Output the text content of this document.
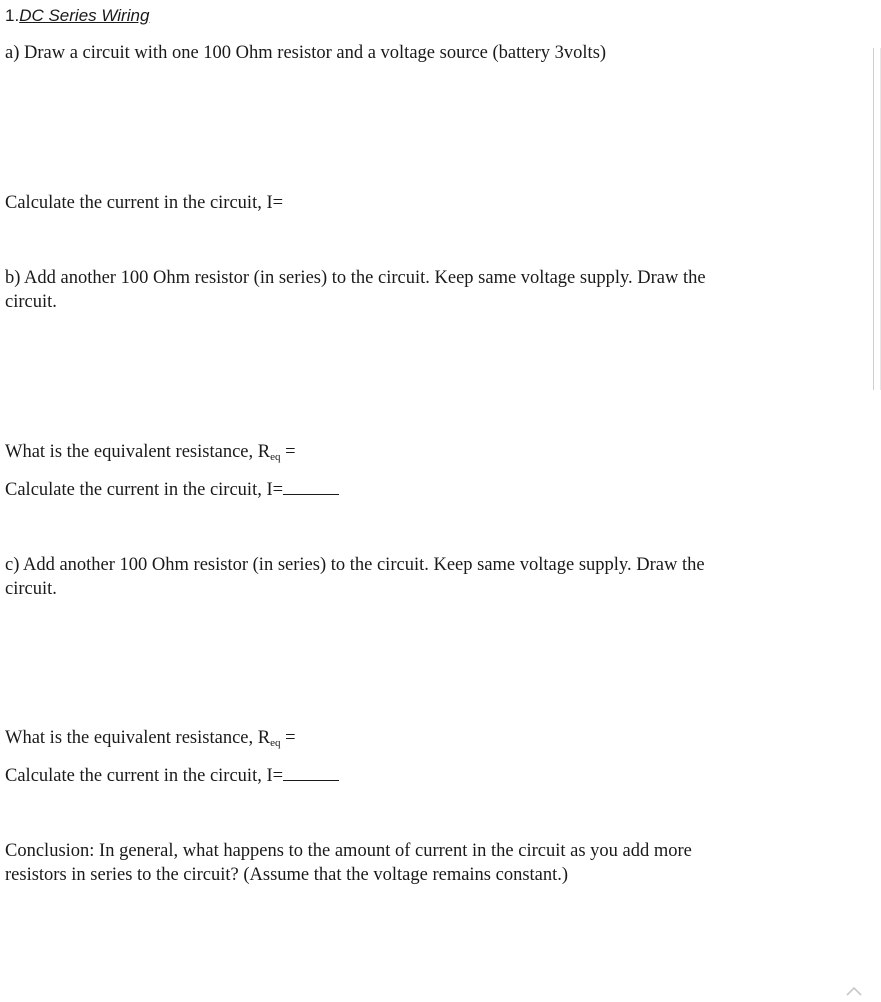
1.DC Series Wiring
a) Draw a circuit with one 100 Ohm resistor and a voltage source (battery 3volts)
Calculate the current in the circuit, I=
b) Add another 100 Ohm resistor (in series) to the circuit. Keep same voltage supply. Draw the
circuit.
What is the equivalent resistance, $R_{eq}$ =
Calculate the current in the circuit, I=
c) Add another 100 Ohm resistor (in series) to the circuit. Keep same voltage supply. Draw the
circuit.
What is the equivalent resistance, $R_{eq}$ =
Calculate the current in the circuit, I=
Conclusion: In general, what happens to the amount of current in the circuit as you add more
resistors in series to the circuit? (Assume that the voltage remains constant.)
